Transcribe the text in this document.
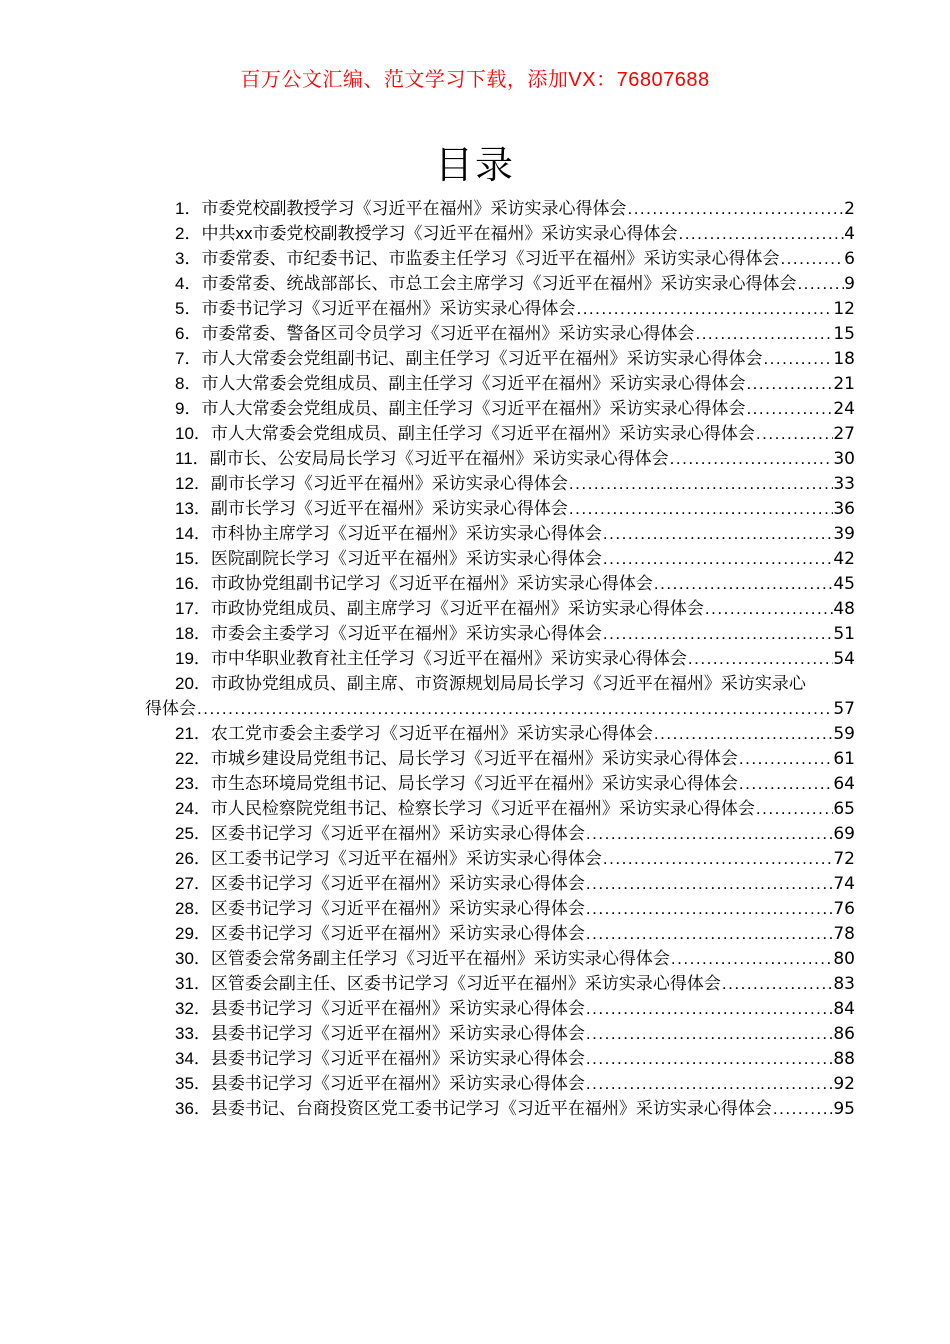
百万公文汇编、范文学习下载，添加VX：76807688
目录
1．市委党校副教授学习《习近平在福州》采访实录心得体会 .....	2
2．中共xx市委党校副教授学习《习近平在福州》采访实录心得体会 .....	4
3．市委常委、市纪委书记、市监委主任学习《习近平在福州》采访实录心得体会 .....	6
4．市委常委、统战部部长、市总工会主席学习《习近平在福州》采访实录心得体会 .....	9
5．市委书记学习《习近平在福州》采访实录心得体会 .....	12
6．市委常委、警备区司令员学习《习近平在福州》采访实录心得体会 .....	15
7．市人大常委会党组副书记、副主任学习《习近平在福州》采访实录心得体会 .....	18
8．市人大常委会党组成员、副主任学习《习近平在福州》采访实录心得体会 .....	21
9．市人大常委会党组成员、副主任学习《习近平在福州》采访实录心得体会 .....	24
10．市人大常委会党组成员、副主任学习《习近平在福州》采访实录心得体会 .....	27
11．副市长、公安局局长学习《习近平在福州》采访实录心得体会 .....	30
12．副市长学习《习近平在福州》采访实录心得体会 .....	33
13．副市长学习《习近平在福州》采访实录心得体会 .....	36
14．市科协主席学习《习近平在福州》采访实录心得体会 .....	39
15．医院副院长学习《习近平在福州》采访实录心得体会 .....	42
16．市政协党组副书记学习《习近平在福州》采访实录心得体会 .....	45
17．市政协党组成员、副主席学习《习近平在福州》采访实录心得体会 .....	48
18．市委会主委学习《习近平在福州》采访实录心得体会 .....	51
19．市中华职业教育社主任学习《习近平在福州》采访实录心得体会 .....	54
20．市政协党组成员、副主席、市资源规划局局长学习《习近平在福州》采访实录心
得体会 .....	57
21．农工党市委会主委学习《习近平在福州》采访实录心得体会 .....	59
22．市城乡建设局党组书记、局长学习《习近平在福州》采访实录心得体会 .....	61
23．市生态环境局党组书记、局长学习《习近平在福州》采访实录心得体会 .....	64
24．市人民检察院党组书记、检察长学习《习近平在福州》采访实录心得体会 .....	65
25．区委书记学习《习近平在福州》采访实录心得体会 .....	69
26．区工委书记学习《习近平在福州》采访实录心得体会 .....	72
27．区委书记学习《习近平在福州》采访实录心得体会 .....	74
28．区委书记学习《习近平在福州》采访实录心得体会 .....	76
29．区委书记学习《习近平在福州》采访实录心得体会 .....	78
30．区管委会常务副主任学习《习近平在福州》采访实录心得体会 .....	80
31．区管委会副主任、区委书记学习《习近平在福州》采访实录心得体会 .....	83
32．县委书记学习《习近平在福州》采访实录心得体会 .....	84
33．县委书记学习《习近平在福州》采访实录心得体会 .....	86
34．县委书记学习《习近平在福州》采访实录心得体会 .....	88
35．县委书记学习《习近平在福州》采访实录心得体会 .....	92
36．县委书记、台商投资区党工委书记学习《习近平在福州》采访实录心得体会 .....	95
